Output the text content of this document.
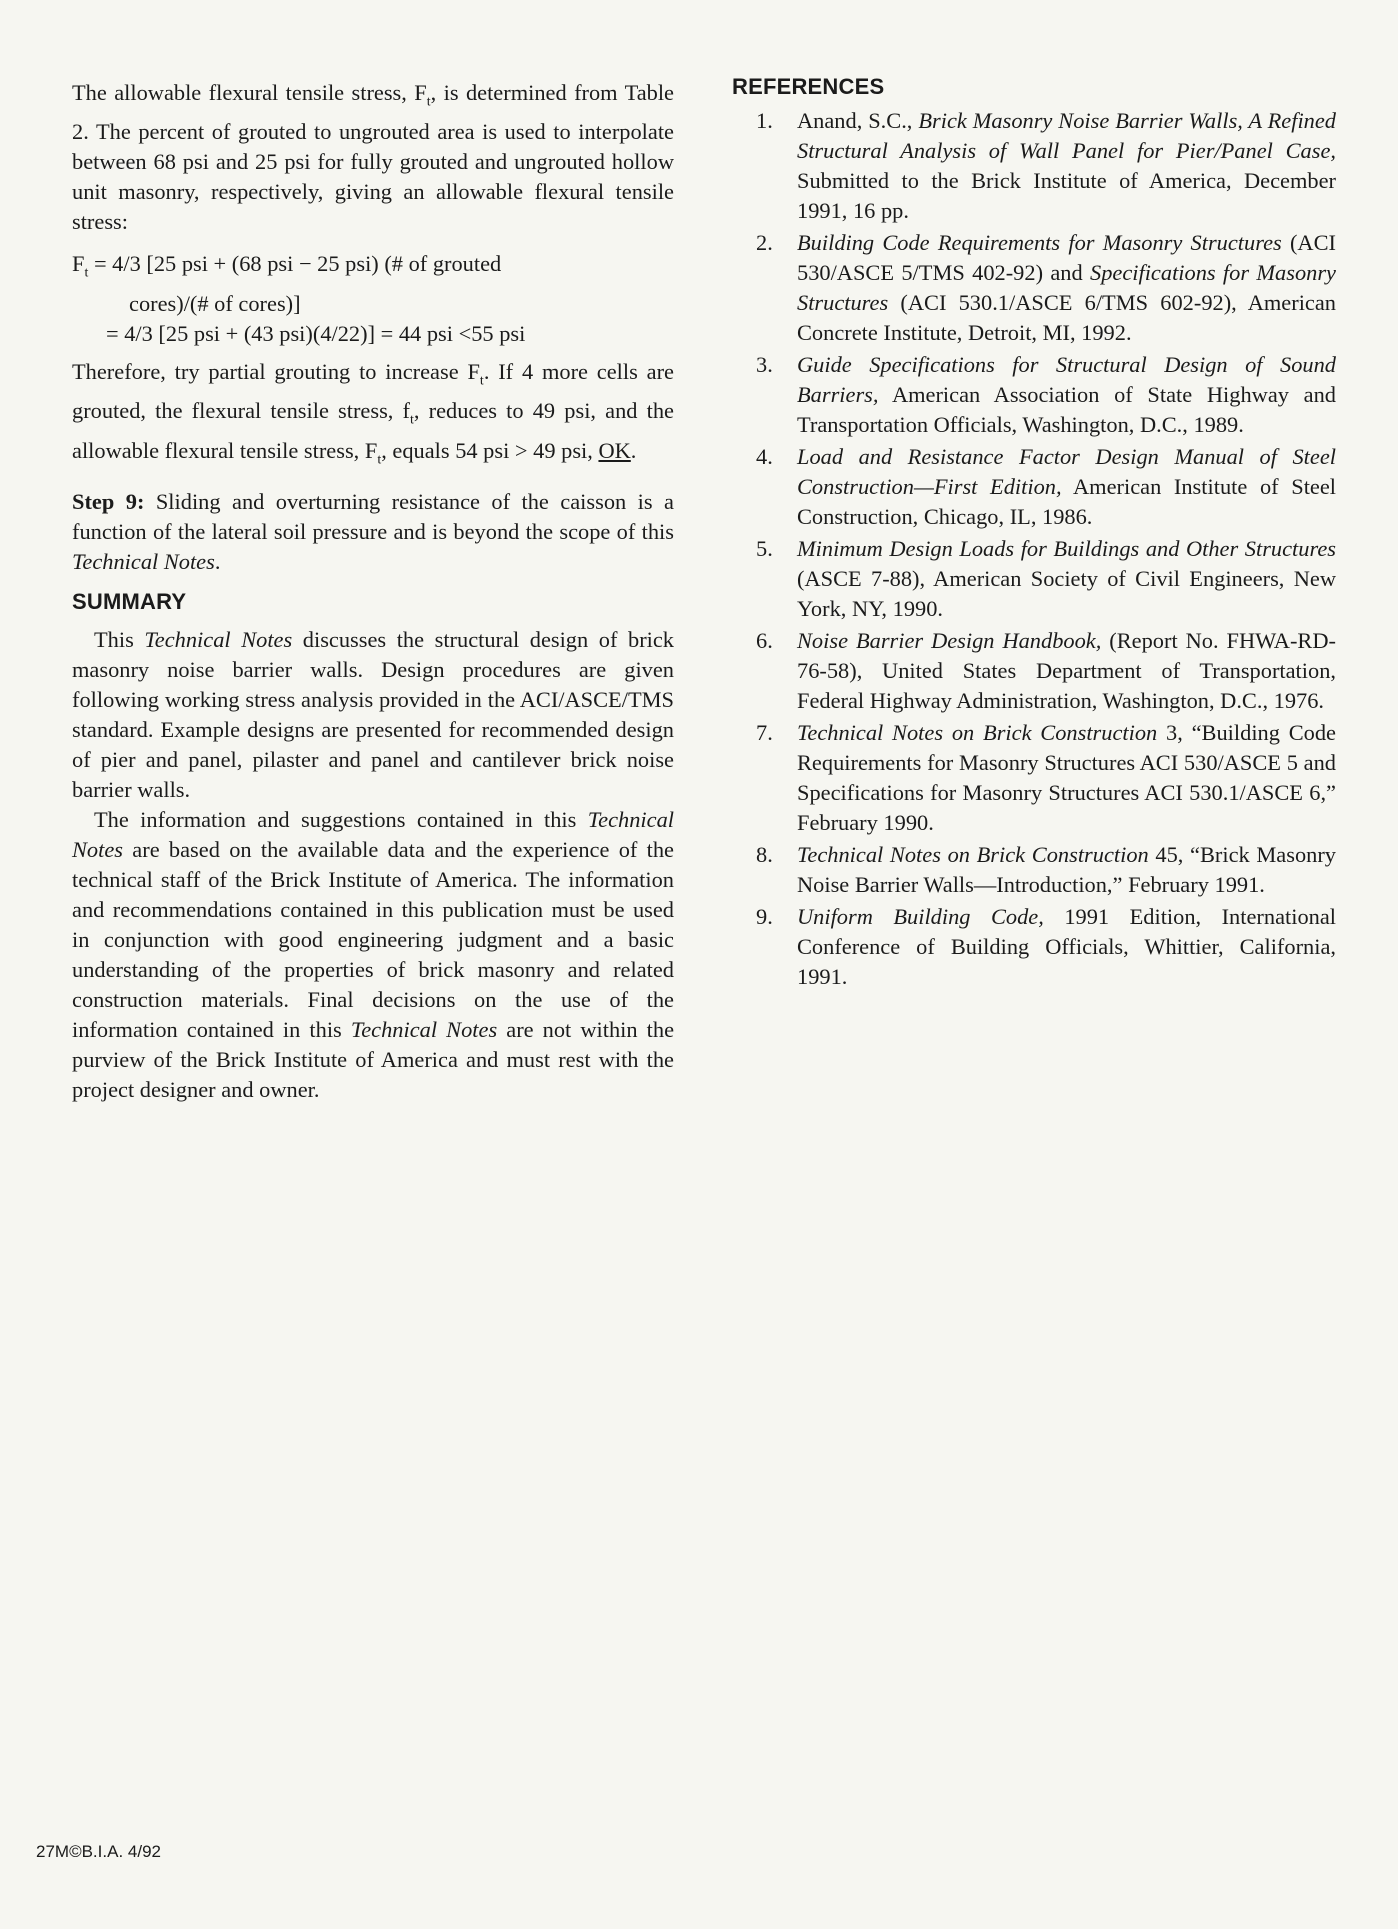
The allowable flexural tensile stress, $F_t$, is determined from Table 2. The percent of grouted to ungrouted area is used to interpolate between 68 psi and 25 psi for fully grouted and ungrouted hollow unit masonry, respectively, giving an allowable flexural tensile stress:

$F_t = 4/3$ [25 psi + (68 psi − 25 psi) (# of grouted
cores)/(# of cores)]
= 4/3 [25 psi + (43 psi)(4/22)] = 44 psi <55 psi

Therefore, try partial grouting to increase $F_t$. If 4 more cells are grouted, the flexural tensile stress, $f_t$, reduces to 49 psi, and the allowable flexural tensile stress, $F_t$, equals 54 psi > 49 psi, OK.

Step 9: Sliding and overturning resistance of the caisson is a function of the lateral soil pressure and is beyond the scope of this Technical Notes.

SUMMARY

This Technical Notes discusses the structural design of brick masonry noise barrier walls. Design procedures are given following working stress analysis provided in the ACI/ASCE/TMS standard. Example designs are presented for recommended design of pier and panel, pilaster and panel and cantilever brick noise barrier walls.

The information and suggestions contained in this Technical Notes are based on the available data and the experience of the technical staff of the Brick Institute of America. The information and recommendations contained in this publication must be used in conjunction with good engineering judgment and a basic understanding of the properties of brick masonry and related construction materials. Final decisions on the use of the information contained in this Technical Notes are not within the purview of the Brick Institute of America and must rest with the project designer and owner.

REFERENCES
1. Anand, S.C., Brick Masonry Noise Barrier Walls, A Refined Structural Analysis of Wall Panel for Pier/Panel Case, Submitted to the Brick Institute of America, December 1991, 16 pp.
2. Building Code Requirements for Masonry Structures (ACI 530/ASCE 5/TMS 402-92) and Specifications for Masonry Structures (ACI 530.1/ASCE 6/TMS 602-92), American Concrete Institute, Detroit, MI, 1992.
3. Guide Specifications for Structural Design of Sound Barriers, American Association of State Highway and Transportation Officials, Washington, D.C., 1989.
4. Load and Resistance Factor Design Manual of Steel Construction—First Edition, American Institute of Steel Construction, Chicago, IL, 1986.
5. Minimum Design Loads for Buildings and Other Structures (ASCE 7-88), American Society of Civil Engineers, New York, NY, 1990.
6. Noise Barrier Design Handbook, (Report No. FHWA-RD-76-58), United States Department of Transportation, Federal Highway Administration, Washington, D.C., 1976.
7. Technical Notes on Brick Construction 3, “Building Code Requirements for Masonry Structures ACI 530/ASCE 5 and Specifications for Masonry Structures ACI 530.1/ASCE 6,” February 1990.
8. Technical Notes on Brick Construction 45, “Brick Masonry Noise Barrier Walls—Introduction,” February 1991.
9. Uniform Building Code, 1991 Edition, International Conference of Building Officials, Whittier, California, 1991.
27M©B.I.A. 4/92
